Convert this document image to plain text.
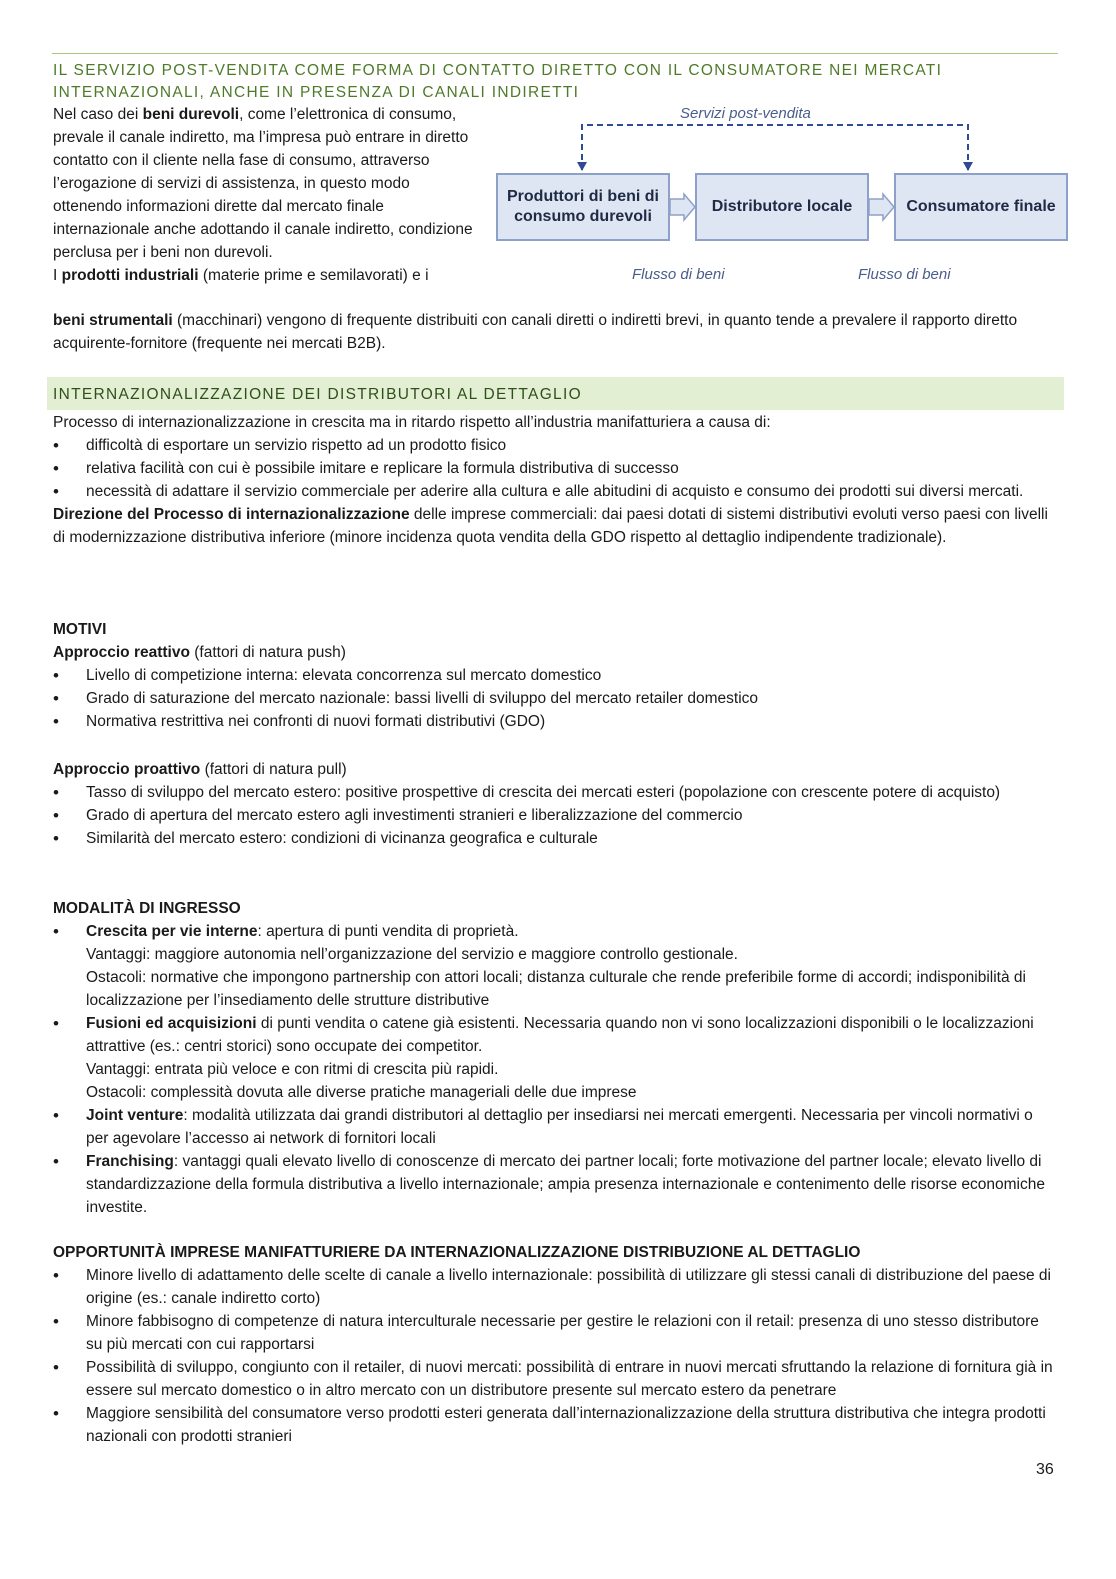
IL SERVIZIO POST-VENDITA COME FORMA DI CONTATTO DIRETTO CON IL CONSUMATORE NEI MERCATI INTERNAZIONALI, ANCHE IN PRESENZA DI CANALI INDIRETTI
Nel caso dei beni durevoli, come l’elettronica di consumo, prevale il canale indiretto, ma l’impresa può entrare in diretto contatto con il cliente nella fase di consumo, attraverso l’erogazione di servizi di assistenza, in questo modo ottenendo informazioni dirette dal mercato finale internazionale anche adottando il canale indiretto, condizione perclusa per i beni non durevoli.
I prodotti industriali (materie prime e semilavorati) e i
Servizi post-vendita
Produttori di beni di consumo durevoli
Distributore locale	Consumatore finale
Flusso di beni	Flusso di beni
beni strumentali (macchinari) vengono di frequente distribuiti con canali diretti o indiretti brevi, in quanto tende a prevalere il rapporto diretto acquirente-fornitore (frequente nei mercati B2B).
INTERNAZIONALIZZAZIONE DEI DISTRIBUTORI AL DETTAGLIO
Processo di internazionalizzazione in crescita ma in ritardo rispetto all’industria manifatturiera a causa di:
• difficoltà di esportare un servizio rispetto ad un prodotto fisico
• relativa facilità con cui è possibile imitare e replicare la formula distributiva di successo
• necessità di adattare il servizio commerciale per aderire alla cultura e alle abitudini di acquisto e consumo dei prodotti sui diversi mercati.
Direzione del Processo di internazionalizzazione delle imprese commerciali: dai paesi dotati di sistemi distributivi evoluti verso paesi con livelli di modernizzazione distributiva inferiore (minore incidenza quota vendita della GDO rispetto al dettaglio indipendente tradizionale).
MOTIVI
Approccio reattivo (fattori di natura push)
• Livello di competizione interna: elevata concorrenza sul mercato domestico
• Grado di saturazione del mercato nazionale: bassi livelli di sviluppo del mercato retailer domestico
• Normativa restrittiva nei confronti di nuovi formati distributivi (GDO)
Approccio proattivo (fattori di natura pull)
• Tasso di sviluppo del mercato estero: positive prospettive di crescita dei mercati esteri (popolazione con crescente potere di acquisto)
• Grado di apertura del mercato estero agli investimenti stranieri e liberalizzazione del commercio
• Similarità del mercato estero: condizioni di vicinanza geografica e culturale
MODALITÀ DI INGRESSO
• Crescita per vie interne: apertura di punti vendita di proprietà.
Vantaggi: maggiore autonomia nell’organizzazione del servizio e maggiore controllo gestionale.
Ostacoli: normative che impongono partnership con attori locali; distanza culturale che rende preferibile forme di accordi; indisponibilità di localizzazione per l’insediamento delle strutture distributive
• Fusioni ed acquisizioni di punti vendita o catene già esistenti. Necessaria quando non vi sono localizzazioni disponibili o le localizzazioni attrattive (es.: centri storici) sono occupate dei competitor.
Vantaggi: entrata più veloce e con ritmi di crescita più rapidi.
Ostacoli: complessità dovuta alle diverse pratiche manageriali delle due imprese
• Joint venture: modalità utilizzata dai grandi distributori al dettaglio per insediarsi nei mercati emergenti. Necessaria per vincoli normativi o per agevolare l’accesso ai network di fornitori locali
• Franchising: vantaggi quali elevato livello di conoscenze di mercato dei partner locali; forte motivazione del partner locale; elevato livello di standardizzazione della formula distributiva a livello internazionale; ampia presenza internazionale e contenimento delle risorse economiche investite.
OPPORTUNITÀ IMPRESE MANIFATTURIERE DA INTERNAZIONALIZZAZIONE DISTRIBUZIONE AL DETTAGLIO
• Minore livello di adattamento delle scelte di canale a livello internazionale: possibilità di utilizzare gli stessi canali di distribuzione del paese di origine (es.: canale indiretto corto)
• Minore fabbisogno di competenze di natura interculturale necessarie per gestire le relazioni con il retail: presenza di uno stesso distributore su più mercati con cui rapportarsi
• Possibilità di sviluppo, congiunto con il retailer, di nuovi mercati: possibilità di entrare in nuovi mercati sfruttando la relazione di fornitura già in essere sul mercato domestico o in altro mercato con un distributore presente sul mercato estero da penetrare
• Maggiore sensibilità del consumatore verso prodotti esteri generata dall’internazionalizzazione della struttura distributiva che integra prodotti nazionali con prodotti stranieri
36
